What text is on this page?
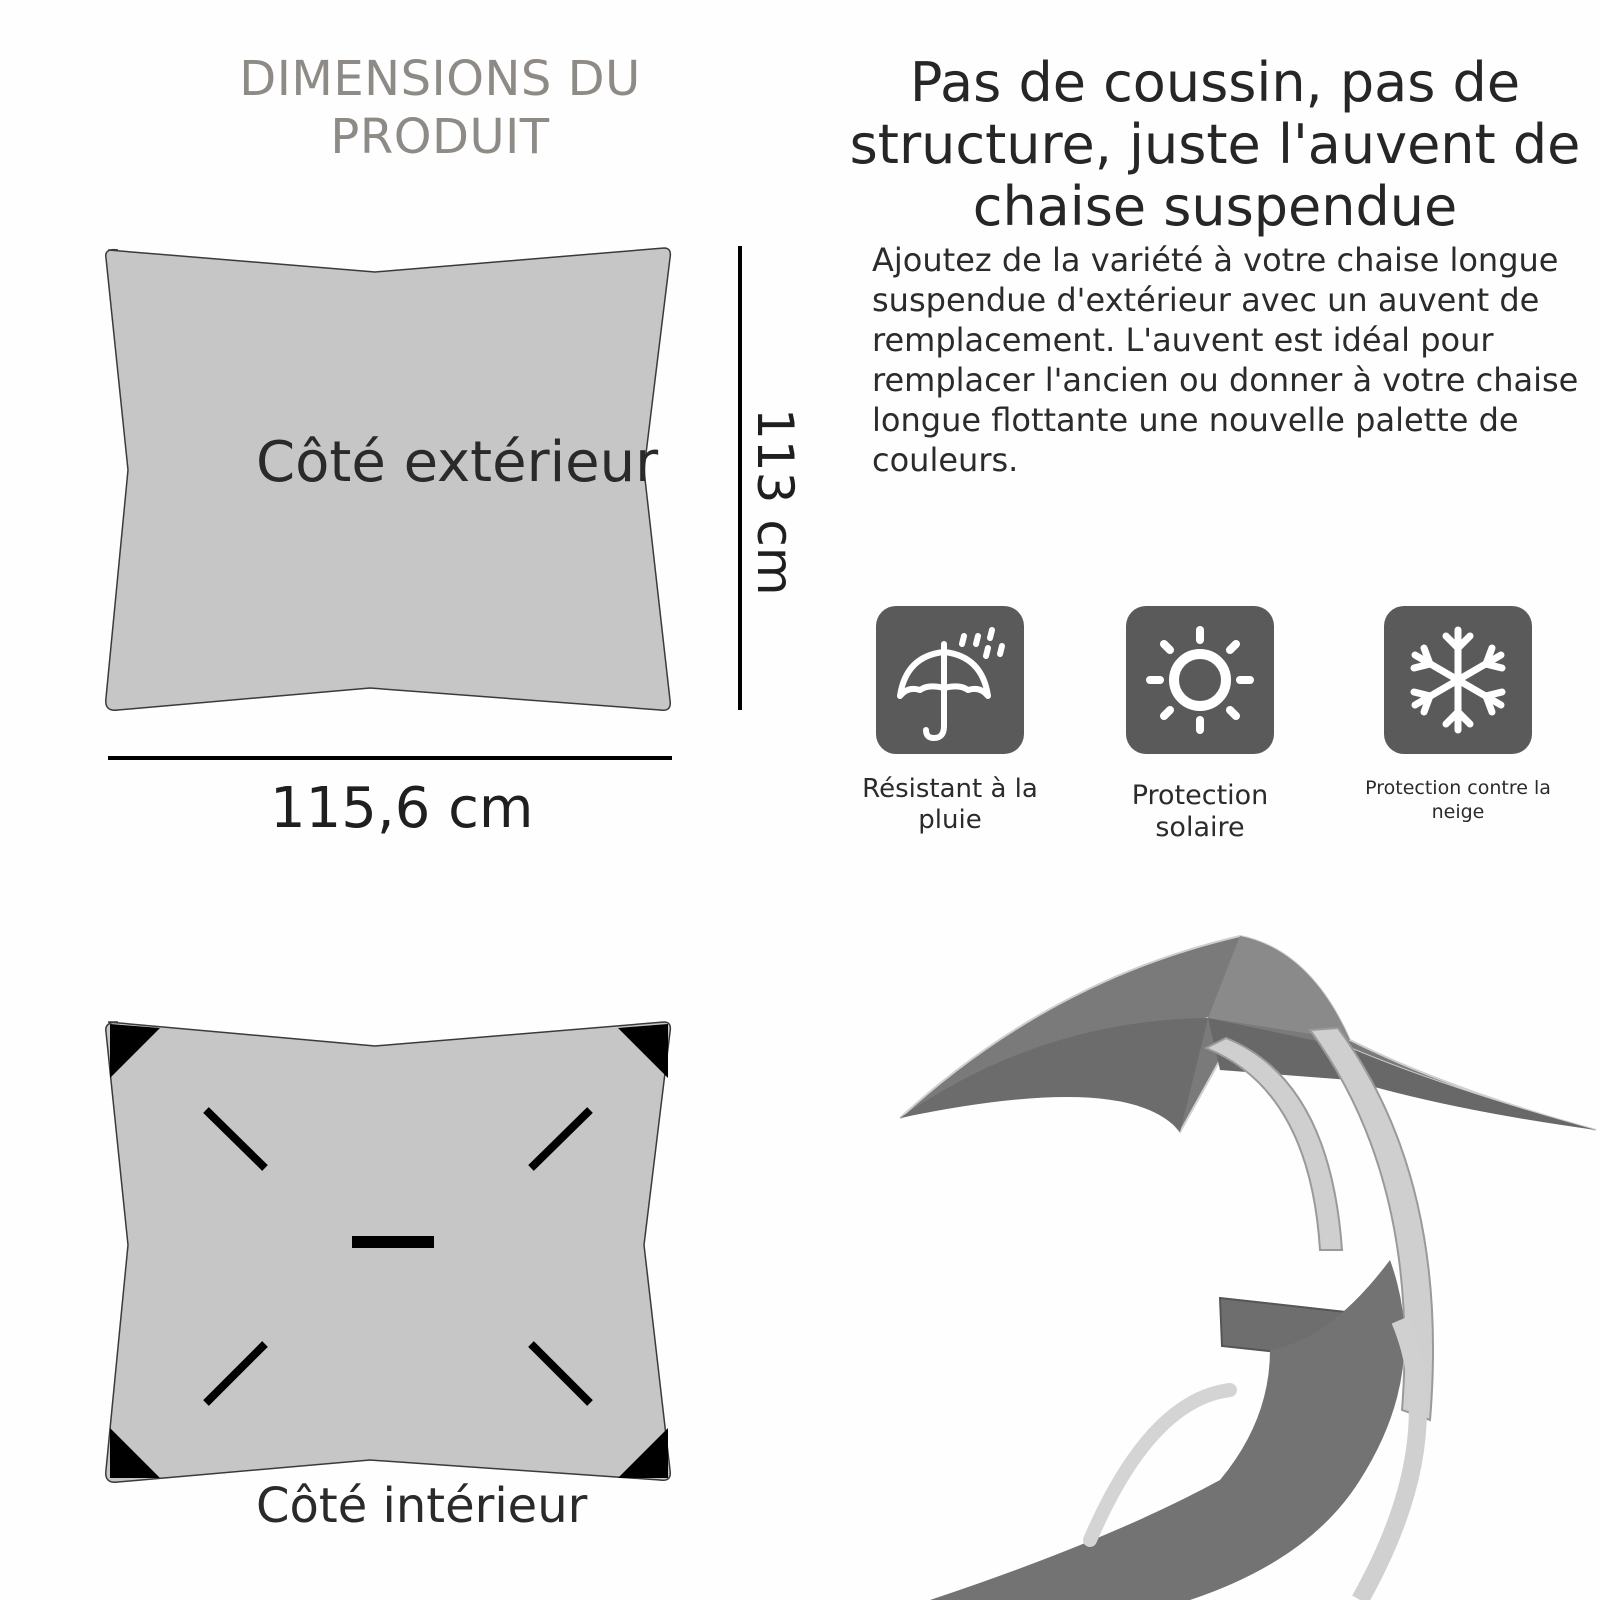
DIMENSIONS DU
PRODUIT
Côté extérieur 113 cm
115,6 cm
Côté intérieur
Pas de coussin, pas de structure, juste l'auvent de chaise suspendue

Ajoutez de la variété à votre chaise longue suspendue d'extérieur avec un auvent de remplacement. L'auvent est idéal pour remplacer l'ancien ou donner à votre chaise longue flottante une nouvelle palette de couleurs.

Résistant à la pluie
Protection solaire
Protection contre la neige
